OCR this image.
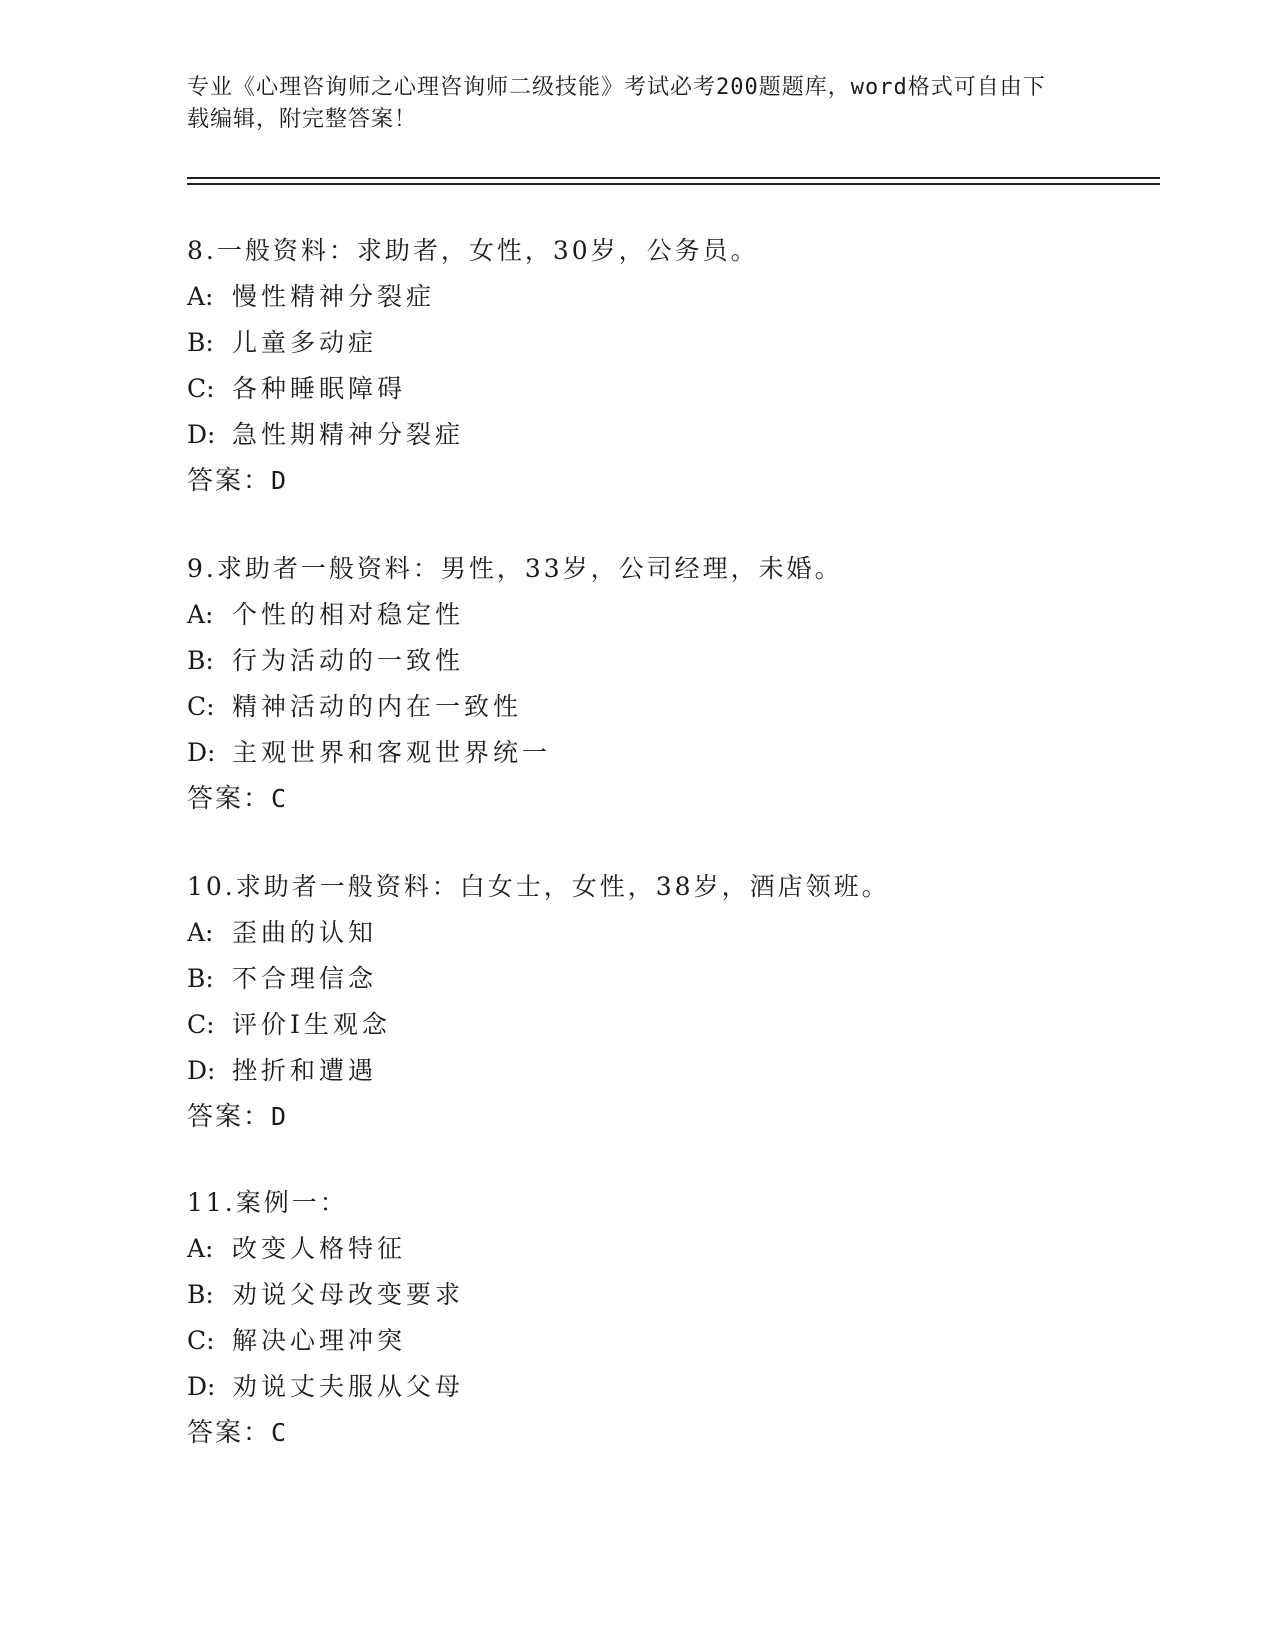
专业《心理咨询师之心理咨询师二级技能》考试必考200题题库，word格式可自由下载编辑，附完整答案！
8.一般资料：求助者，女性，30岁，公务员。
A: 慢性精神分裂症
B: 儿童多动症
C: 各种睡眠障碍
D: 急性期精神分裂症
答案：D
9.求助者一般资料：男性，33岁，公司经理，未婚。
A: 个性的相对稳定性
B: 行为活动的一致性
C: 精神活动的内在一致性
D: 主观世界和客观世界统一
答案：C
10.求助者一般资料：白女士，女性，38岁，酒店领班。
A: 歪曲的认知
B: 不合理信念
C: 评价I生观念
D: 挫折和遭遇
答案：D
11.案例一：
A: 改变人格特征
B: 劝说父母改变要求
C: 解决心理冲突
D: 劝说丈夫服从父母
答案：C
